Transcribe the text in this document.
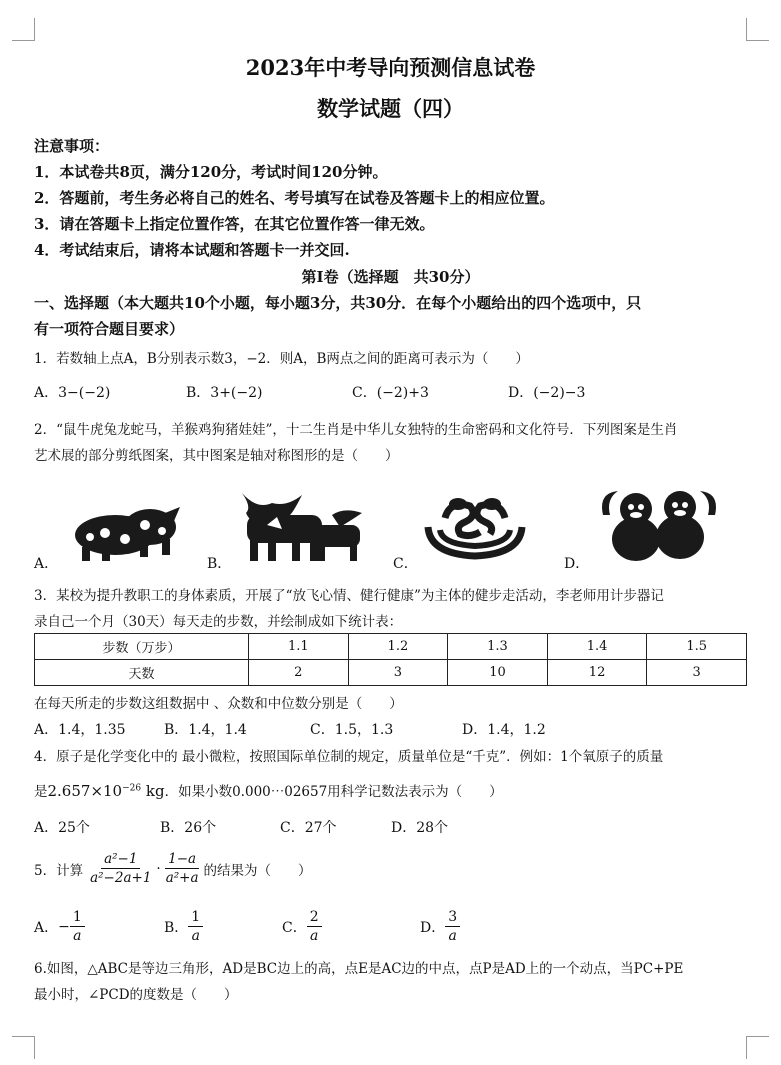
2023年中考导向预测信息试卷
数学试题（四）
注意事项：
1．本试卷共8页，满分120分，考试时间120分钟。
2．答题前，考生务必将自己的姓名、考号填写在试卷及答题卡上的相应位置。
3．请在答题卡上指定位置作答，在其它位置作答一律无效。
4．考试结束后，请将本试题和答题卡一并交回.
第Ⅰ卷（选择题　共30分）
一、选择题（本大题共10个小题，每小题3分，共30分．在每个小题给出的四个选项中，只
有一项符合题目要求）
1．若数轴上点A，B分别表示数3，−2．则A，B两点之间的距离可表示为（　　）
A．3−(−2)	B．3+(−2)	C．(−2)+3	D．(−2)−3
2．“鼠牛虎兔龙蛇马，羊猴鸡狗猪娃娃”，十二生肖是中华儿女独特的生命密码和文化符号．下列图案是生肖
艺术展的部分剪纸图案，其中图案是轴对称图形的是（　　）
A．	B．	C．	D．
3．某校为提升教职工的身体素质，开展了“放飞心情、健行健康”为主体的健步走活动，李老师用计步器记
录自己一个月（30天）每天走的步数，并绘制成如下统计表：
步数（万步）	1.1	1.2	1.3	1.4	1.5
天数	2	3	10	12	3
在每天所走的步数这组数据中 、众数和中位数分别是（　　）
A．1.4，1.35	B．1.4，1.4	C．1.5，1.3	D．1.4，1.2
4．原子是化学变化中的 最小微粒，按照国际单位制的规定，质量单位是“千克”．例如：1个氧原子的质量
是$2.657\times 10^{-26}$ kg．如果小数0.000⋯02657用科学记数法表示为（　　）
A．25个	B．26个	C．27个	D．28个
5．计算 $\frac{\text{a²−1}}{\text{a²−2a+1}} \cdot \frac{1-a}{\text{a²+a}}$ 的结果为（　　）
A． − $\frac{1}{a}$	B． $\frac{1}{a}$	C． $\frac{2}{a}$	D． $\frac{3}{a}$
6.如图，△ABC是等边三角形，AD是BC边上的高，点E是AC边的中点，点P是AD上的一个动点，当PC+PE
最小时，∠PCD的度数是（　　）
